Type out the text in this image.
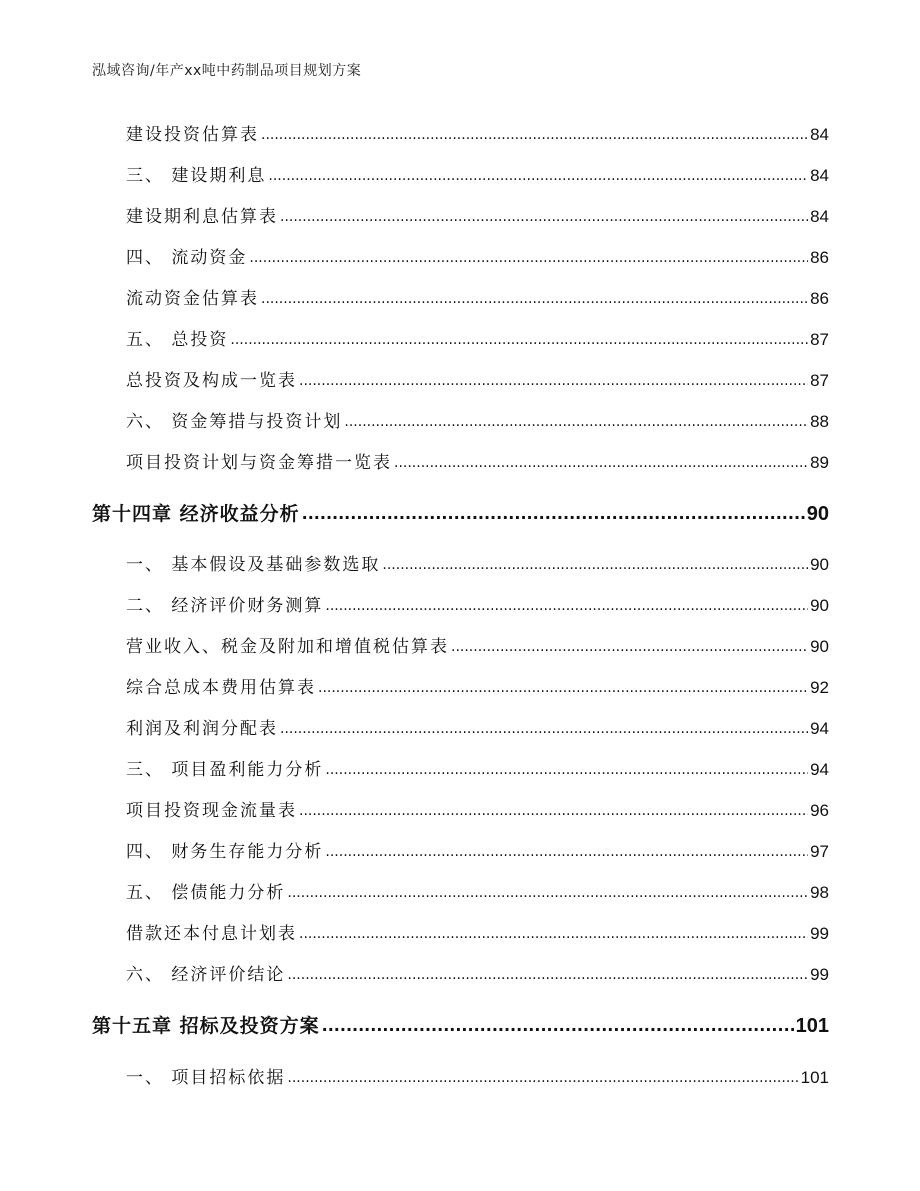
泓域咨询/年产xx吨中药制品项目规划方案
建设投资估算表 .....	84
三、 建设期利息 .....	84
建设期利息估算表 .....	84
四、 流动资金 .....	86
流动资金估算表 .....	86
五、 总投资 .....	87
总投资及构成一览表 .....	87
六、 资金筹措与投资计划 .....	88
项目投资计划与资金筹措一览表 .....	89
第十四章 经济收益分析 .....	90
一、 基本假设及基础参数选取 .....	90
二、 经济评价财务测算 .....	90
营业收入、税金及附加和增值税估算表 .....	90
综合总成本费用估算表 .....	92
利润及利润分配表 .....	94
三、 项目盈利能力分析 .....	94
项目投资现金流量表 .....	96
四、 财务生存能力分析 .....	97
五、 偿债能力分析 .....	98
借款还本付息计划表 .....	99
六、 经济评价结论 .....	99
第十五章 招标及投资方案 .....	101
一、 项目招标依据 .....	101
